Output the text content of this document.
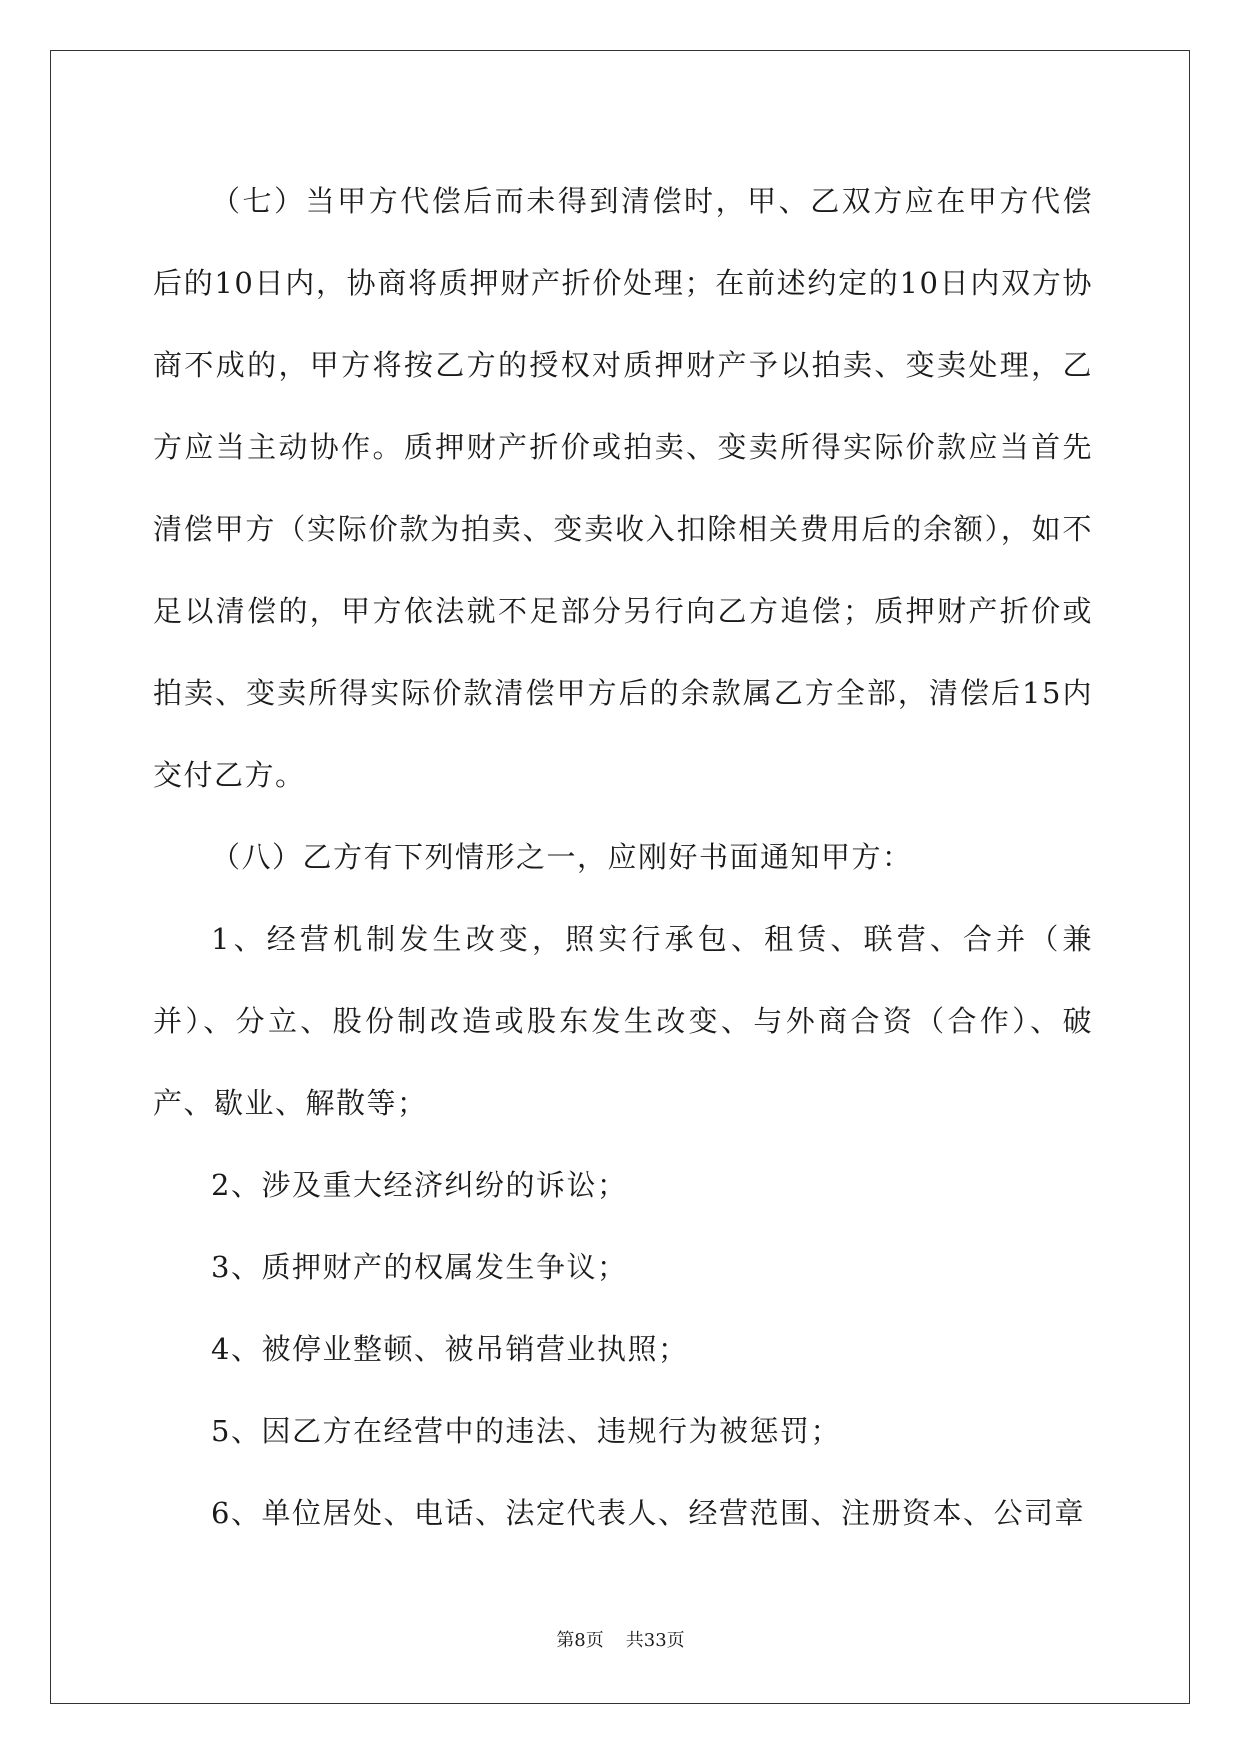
（七）当甲方代偿后而未得到清偿时，甲、乙双方应在甲方代偿后的10日内，协商将质押财产折价处理；在前述约定的10日内双方协商不成的，甲方将按乙方的授权对质押财产予以拍卖、变卖处理，乙方应当主动协作。质押财产折价或拍卖、变卖所得实际价款应当首先清偿甲方（实际价款为拍卖、变卖收入扣除相关费用后的余额），如不足以清偿的，甲方依法就不足部分另行向乙方追偿；质押财产折价或拍卖、变卖所得实际价款清偿甲方后的余款属乙方全部，清偿后15内交付乙方。

（八）乙方有下列情形之一，应刚好书面通知甲方：

1、经营机制发生改变，照实行承包、租赁、联营、合并（兼并）、分立、股份制改造或股东发生改变、与外商合资（合作）、破产、歇业、解散等；

2、涉及重大经济纠纷的诉讼；

3、质押财产的权属发生争议；

4、被停业整顿、被吊销营业执照；

5、因乙方在经营中的违法、违规行为被惩罚；

6、单位居处、电话、法定代表人、经营范围、注册资本、公司章

第8页 共33页
